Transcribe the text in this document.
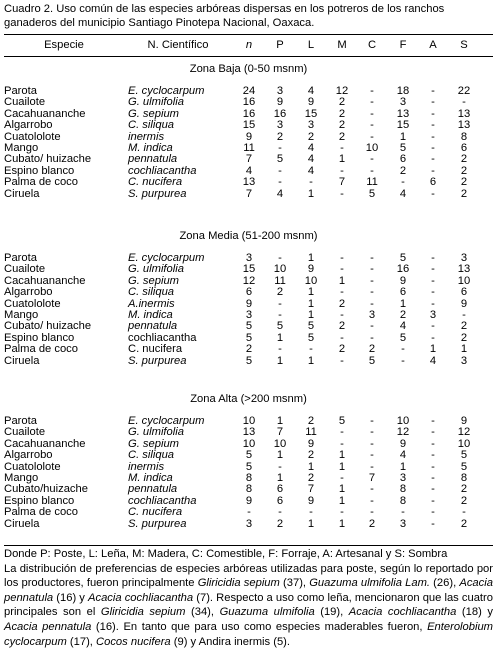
Cuadro 2. Uso común de las especies arbóreas dispersas en los potreros de los ranchos ganaderos del municipio Santiago Pinotepa Nacional, Oaxaca.
Especie	N. Científico	n	P	L	M	C	F	A	S
Zona Baja (0-50 msnm)
Parota	E. cyclocarpum	24	3	4	12	-	18	-	22
Cuailote	G. ulmifolia	16	9	9	2	-	3	-	-
Cacahuananche	G. sepium	16	16	15	2	-	13	-	13
Algarrobo	C. siliqua	15	3	3	2	-	15	-	13
Cuatololote	inermis	9	2	2	2	-	1	-	8
Mango	M. indica	11	-	4	-	10	5	-	6
Cubato/ huizache	pennatula	7	5	4	1	-	6	-	2
Espino blanco	cochliacantha	4	-	4	-	-	2	-	2
Palma de coco	C. nucifera	13	-	-	7	11	-	6	2
Ciruela	S. purpurea	7	4	1	-	5	4	-	2
Zona Media (51-200 msnm)
Parota	E. cyclocarpum	3	-	1	-	-	5	-	3
Cuailote	G. ulmifolia	15	10	9	-	-	16	-	13
Cacahuananche	G. sepium	12	11	10	1	-	9	-	10
Algarrobo	C. siliqua	6	2	1	-	-	6	-	6
Cuatololote	A.inermis	9	-	1	2	-	1	-	9
Mango	M. indica	3	-	1	-	3	2	3	-
Cubato/ huizache	pennatula	5	5	5	2	-	4	-	2
Espino blanco	cochliacantha	5	1	5	-	-	5	-	2
Palma de coco	C. nucifera	2	-	-	2	2	-	1	1
Ciruela	S. purpurea	5	1	1	-	5	-	4	3
Zona Alta (>200 msnm)
Parota	E. cyclocarpum	10	1	2	5	-	10	-	9
Cuailote	G. ulmifolia	13	7	11	-	-	12	-	12
Cacahuananche	G. sepium	10	10	9	-	-	9	-	10
Algarrobo	C. siliqua	5	1	2	1	-	4	-	5
Cuatololote	inermis	5	-	1	1	-	1	-	5
Mango	M. indica	8	1	2	-	7	3	-	8
Cubato/huizache	pennatula	8	6	7	1	-	8	-	2
Espino blanco	cochliacantha	9	6	9	1	-	8	-	2
Palma de coco	C. nucifera	-	-	-	-	-	-	-	-
Ciruela	S. purpurea	3	2	1	1	2	3	-	2
Donde P: Poste, L: Leña, M: Madera, C: Comestible, F: Forraje, A: Artesanal y S: Sombra
La distribución de preferencias de especies arbóreas utilizadas para poste, según lo reportado por los productores, fueron principalmente Gliricidia sepium (37), Guazuma ulmifolia Lam. (26), Acacia pennatula (16) y Acacia cochliacantha (7). Respecto a uso como leña, mencionaron que las cuatro principales son el Gliricidia sepium (34), Guazuma ulmifolia (19), Acacia cochliacantha (18) y Acacia pennatula (16). En tanto que para uso como especies maderables fueron, Enterolobium cyclocarpum (17), Cocos nucifera (9) y Andira inermis (5).
